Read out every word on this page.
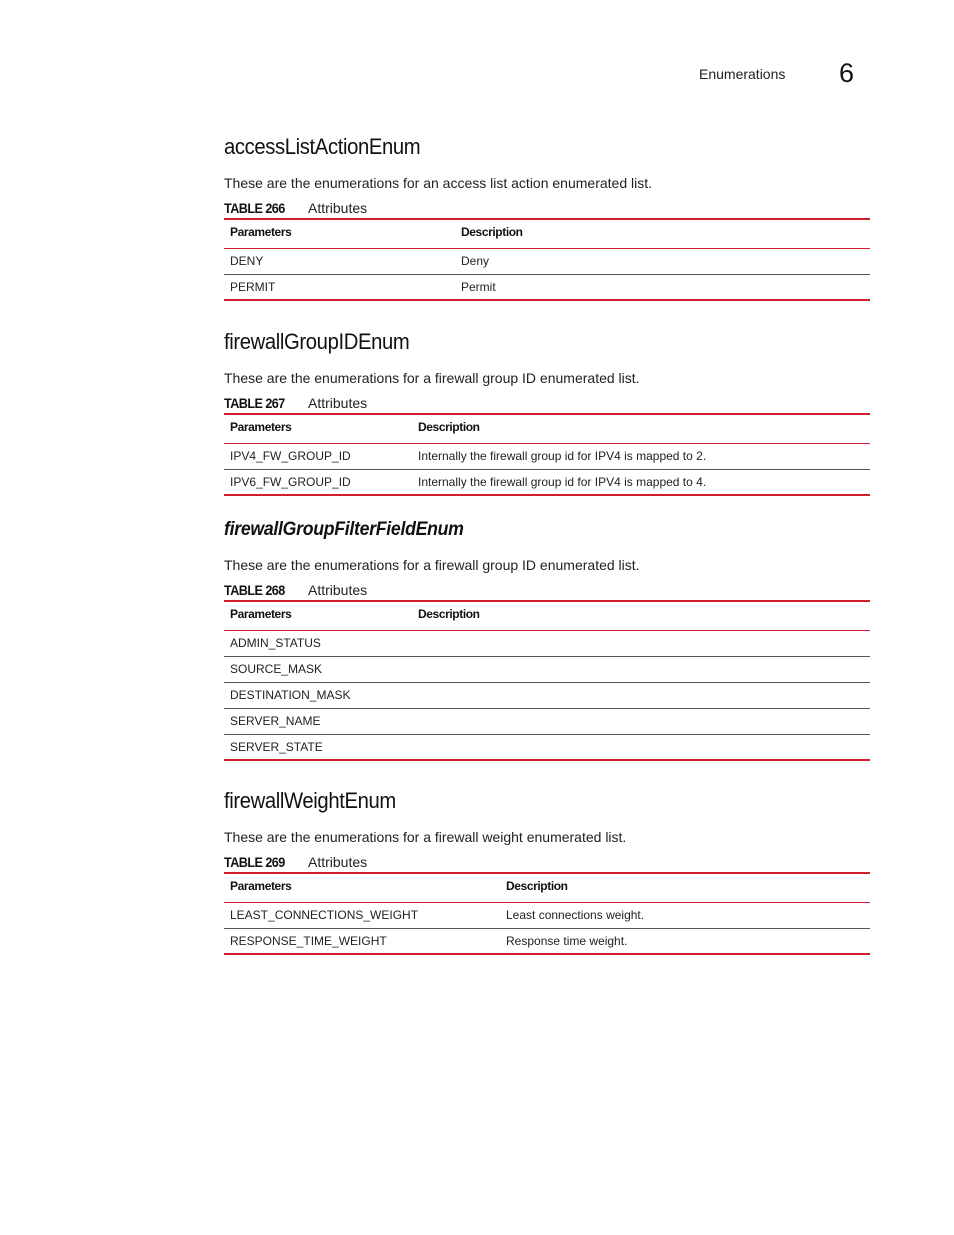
Enumerations 6
accessListActionEnum

These are the enumerations for an access list action enumerated list.

TABLE 266 Attributes
Parameters	Description
DENY	Deny
PERMIT	Permit
firewallGroupIDEnum

These are the enumerations for a firewall group ID enumerated list.

TABLE 267 Attributes
Parameters	Description
IPV4_FW_GROUP_ID	Internally the firewall group id for IPV4 is mapped to 2.
IPV6_FW_GROUP_ID	Internally the firewall group id for IPV4 is mapped to 4.
firewallGroupFilterFieldEnum

These are the enumerations for a firewall group ID enumerated list.

TABLE 268 Attributes
Parameters	Description
ADMIN_STATUS	
SOURCE_MASK	
DESTINATION_MASK	
SERVER_NAME	
SERVER_STATE	
firewallWeightEnum

These are the enumerations for a firewall weight enumerated list.

TABLE 269 Attributes
Parameters	Description
LEAST_CONNECTIONS_WEIGHT	Least connections weight.
RESPONSE_TIME_WEIGHT	Response time weight.
